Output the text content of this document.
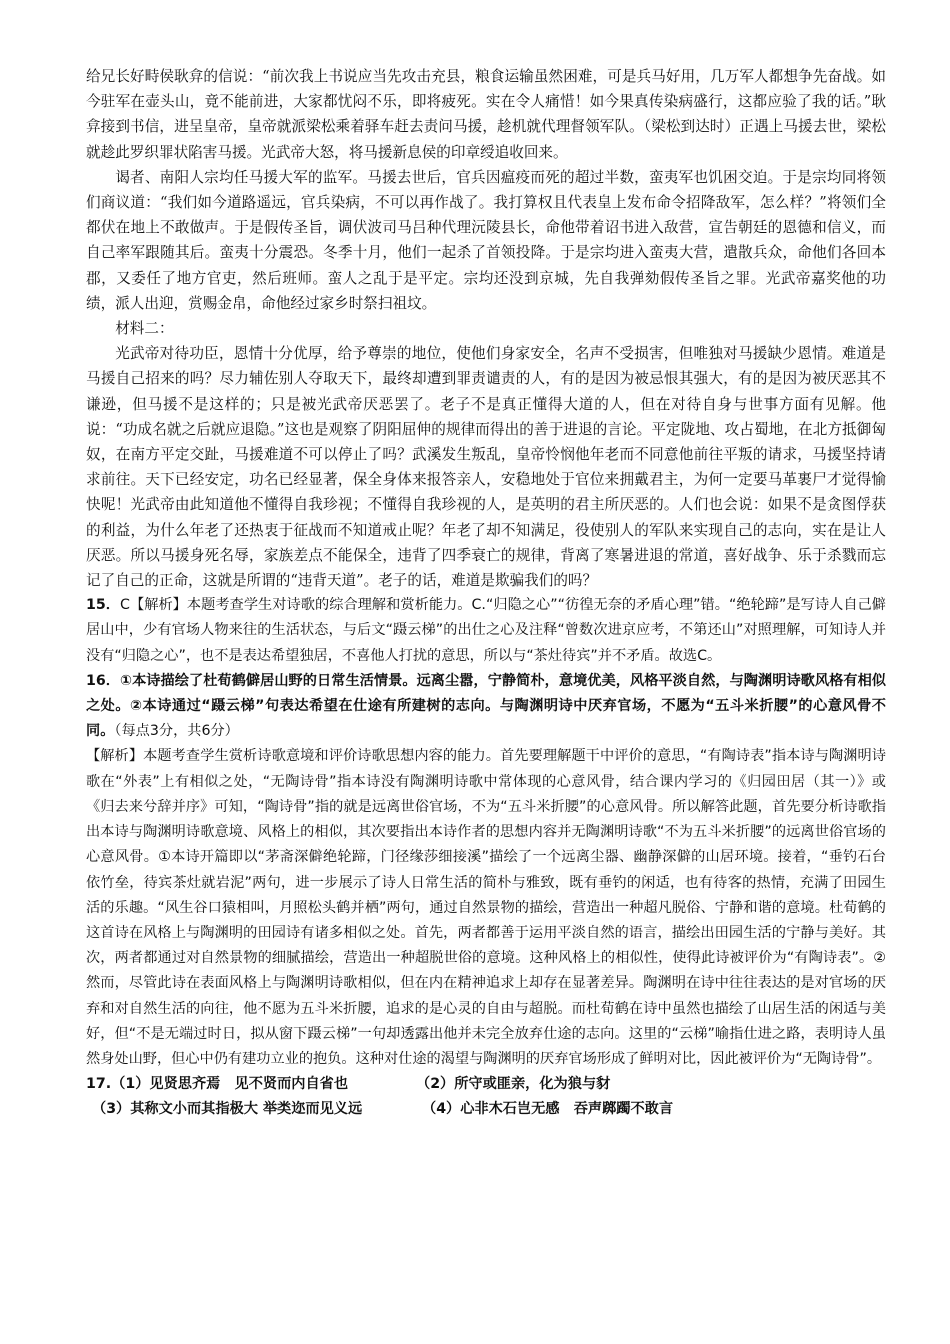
给兄长好畤侯耿弇的信说：“前次我上书说应当先攻击充县，粮食运输虽然困难，可是兵马好用，几万军人都想争先奋战。如今驻军在壶头山，竟不能前进，大家都忧闷不乐，即将疲死。实在令人痛惜！如今果真传染病盛行，这都应验了我的话。”耿弇接到书信，进呈皇帝，皇帝就派梁松乘着驿车赶去责问马援，趁机就代理督领军队。（梁松到达时）正遇上马援去世，梁松就趁此罗织罪状陷害马援。光武帝大怒，将马援新息侯的印章绶追收回来。

谒者、南阳人宗均任马援大军的监军。马援去世后，官兵因瘟疫而死的超过半数，蛮夷军也饥困交迫。于是宗均同将领们商议道：“我们如今道路遥远，官兵染病，不可以再作战了。我打算权且代表皇上发布命令招降敌军，怎么样？”将领们全都伏在地上不敢做声。于是假传圣旨，调伏波司马吕种代理沅陵县长，命他带着诏书进入敌营，宣告朝廷的恩德和信义，而自己率军跟随其后。蛮夷十分震恐。冬季十月，他们一起杀了首领投降。于是宗均进入蛮夷大营，遣散兵众，命他们各回本郡，又委任了地方官吏，然后班师。蛮人之乱于是平定。宗均还没到京城，先自我弹劾假传圣旨之罪。光武帝嘉奖他的功绩，派人出迎，赏赐金帛，命他经过家乡时祭扫祖坟。

材料二：

光武帝对待功臣，恩情十分优厚，给予尊崇的地位，使他们身家安全，名声不受损害，但唯独对马援缺少恩情。难道是马援自己招来的吗？尽力辅佐别人夺取天下，最终却遭到罪责谴责的人，有的是因为被忌恨其强大，有的是因为被厌恶其不谦逊，但马援不是这样的；只是被光武帝厌恶罢了。老子不是真正懂得大道的人，但在对待自身与世事方面有见解。他说：“功成名就之后就应退隐。”这也是观察了阴阳屈伸的规律而得出的善于进退的言论。平定陇地、攻占蜀地，在北方抵御匈奴，在南方平定交趾，马援难道不可以停止了吗？武溪发生叛乱，皇帝怜悯他年老而不同意他前往平叛的请求，马援坚持请求前往。天下已经安定，功名已经显著，保全身体来报答亲人，安稳地处于官位来拥戴君主，为何一定要马革裹尸才觉得愉快呢！光武帝由此知道他不懂得自我珍视；不懂得自我珍视的人，是英明的君主所厌恶的。人们也会说：如果不是贪图俘获的利益，为什么年老了还热衷于征战而不知道戒止呢？年老了却不知满足，役使别人的军队来实现自己的志向，实在是让人厌恶。所以马援身死名辱，家族差点不能保全，违背了四季衰亡的规律，背离了寒暑进退的常道，喜好战争、乐于杀戮而忘记了自己的正命，这就是所谓的“违背天道”。老子的话，难道是欺骗我们的吗？

15．C【解析】本题考查学生对诗歌的综合理解和赏析能力。C.“归隐之心”“彷徨无奈的矛盾心理”错。“绝轮蹄”是写诗人自己僻居山中，少有官场人物来往的生活状态，与后文“蹑云梯”的出仕之心及注释“曾数次进京应考，不第还山”对照理解，可知诗人并没有“归隐之心”，也不是表达希望独居，不喜他人打扰的意思，所以与“茶灶待宾”并不矛盾。故选C。

16．①本诗描绘了杜荀鹤僻居山野的日常生活情景。远离尘嚣，宁静简朴，意境优美，风格平淡自然，与陶渊明诗歌风格有相似之处。②本诗通过“蹑云梯”句表达希望在仕途有所建树的志向。与陶渊明诗中厌弃官场，不愿为“五斗米折腰”的心意风骨不同。（每点3分，共6分）

【解析】本题考查学生赏析诗歌意境和评价诗歌思想内容的能力。首先要理解题干中评价的意思，“有陶诗表”指本诗与陶渊明诗歌在“外表”上有相似之处，“无陶诗骨”指本诗没有陶渊明诗歌中常体现的心意风骨，结合课内学习的《归园田居（其一）》或《归去来兮辞并序》可知，“陶诗骨”指的就是远离世俗官场，不为“五斗米折腰”的心意风骨。所以解答此题，首先要分析诗歌指出本诗与陶渊明诗歌意境、风格上的相似，其次要指出本诗作者的思想内容并无陶渊明诗歌“不为五斗米折腰”的远离世俗官场的心意风骨。①本诗开篇即以“茅斋深僻绝轮蹄，门径缘莎细接溪”描绘了一个远离尘器、幽静深僻的山居环境。接着，“垂钓石台依竹垒，待宾茶灶就岩泥”两句，进一步展示了诗人日常生活的简朴与雅致，既有垂钓的闲适，也有待客的热情，充满了田园生活的乐趣。“风生谷口猿相叫，月照松头鹤并栖”两句，通过自然景物的描绘，营造出一种超凡脱俗、宁静和谐的意境。杜荀鹤的这首诗在风格上与陶渊明的田园诗有诸多相似之处。首先，两者都善于运用平淡自然的语言，描绘出田园生活的宁静与美好。其次，两者都通过对自然景物的细腻描绘，营造出一种超脱世俗的意境。这种风格上的相似性，使得此诗被评价为“有陶诗表”。②然而，尽管此诗在表面风格上与陶渊明诗歌相似，但在内在精神追求上却存在显著差异。陶渊明在诗中往往表达的是对官场的厌弃和对自然生活的向往，他不愿为五斗米折腰，追求的是心灵的自由与超脱。而杜荀鹤在诗中虽然也描绘了山居生活的闲适与美好，但“不是无端过时日，拟从窗下蹑云梯”一句却透露出他并未完全放弃仕途的志向。这里的“云梯”喻指仕进之路，表明诗人虽然身处山野，但心中仍有建功立业的抱负。这种对仕途的渴望与陶渊明的厌弃官场形成了鲜明对比，因此被评价为“无陶诗骨”。

17.（1）见贤思齐焉　见不贤而内自省也	（2）所守或匪亲，化为狼与豺
（3）其称文小而其指极大 举类迩而见义远	（4）心非木石岂无感　吞声踯躅不敢言
